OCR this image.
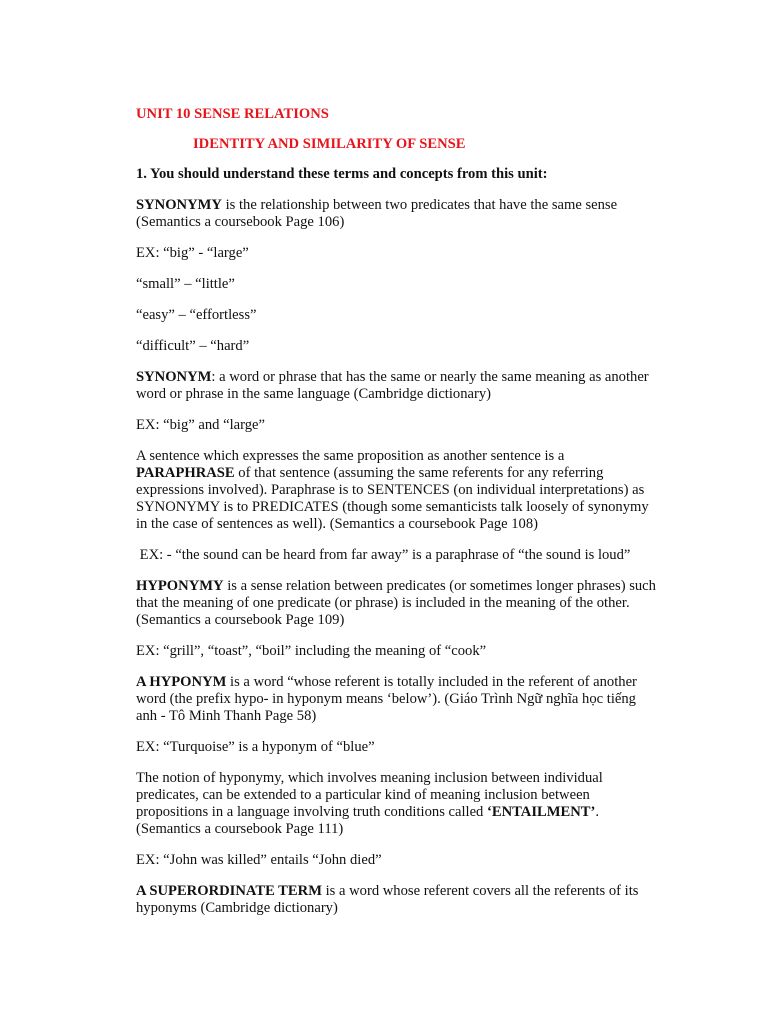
UNIT 10 SENSE RELATIONS
IDENTITY AND SIMILARITY OF SENSE
1. You should understand these terms and concepts from this unit:
SYNONYMY is the relationship between two predicates that have the same sense
(Semantics a coursebook Page 106)
EX: “big” - “large”
“small” – “little”
“easy” – “effortless”
“difficult” – “hard”
SYNONYM: a word or phrase that has the same or nearly the same meaning as another
word or phrase in the same language (Cambridge dictionary)
EX: “big” and “large”
A sentence which expresses the same proposition as another sentence is a
PARAPHRASE of that sentence (assuming the same referents for any referring
expressions involved). Paraphrase is to SENTENCES (on individual interpretations) as
SYNONYMY is to PREDICATES (though some semanticists talk loosely of synonymy
in the case of sentences as well). (Semantics a coursebook Page 108)
EX: - “the sound can be heard from far away” is a paraphrase of “the sound is loud”
HYPONYMY is a sense relation between predicates (or sometimes longer phrases) such
that the meaning of one predicate (or phrase) is included in the meaning of the other.
(Semantics a coursebook Page 109)
EX: “grill”, “toast”, “boil” including the meaning of “cook”
A HYPONYM is a word “whose referent is totally included in the referent of another
word (the prefix hypo- in hyponym means ‘below’). (Giáo Trình Ngữ nghĩa học tiếng
anh - Tô Minh Thanh Page 58)
EX: “Turquoise” is a hyponym of “blue”
The notion of hyponymy, which involves meaning inclusion between individual
predicates, can be extended to a particular kind of meaning inclusion between
propositions in a language involving truth conditions called ‘ENTAILMENT’.
(Semantics a coursebook Page 111)
EX: “John was killed” entails “John died”
A SUPERORDINATE TERM is a word whose referent covers all the referents of its
hyponyms (Cambridge dictionary)
